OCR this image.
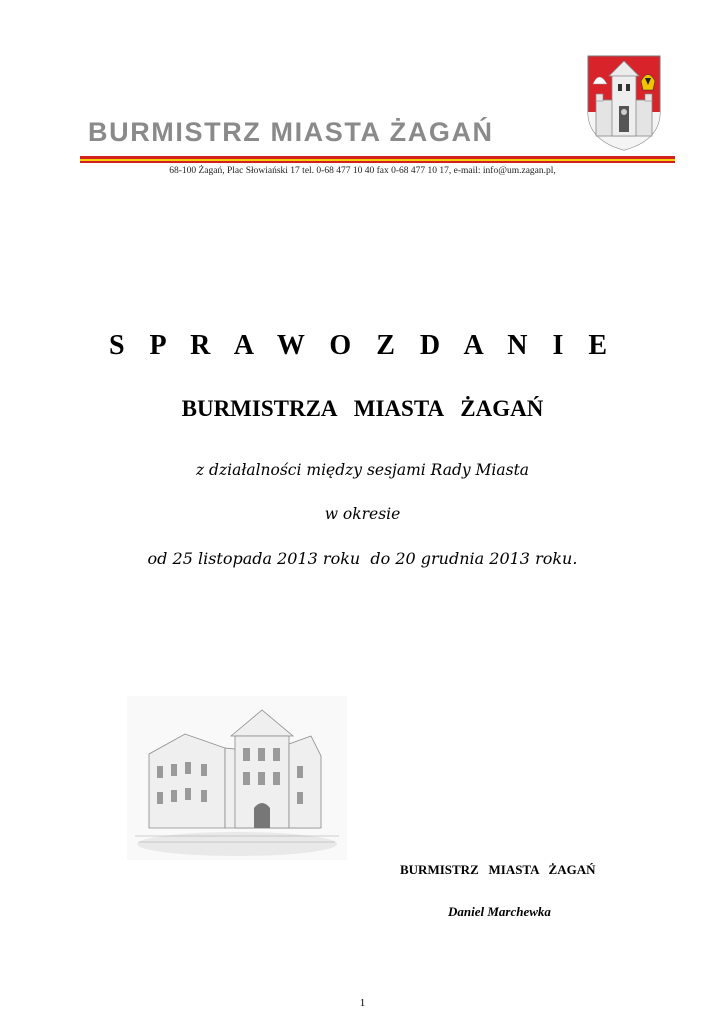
BURMISTRZ MIASTA ŻAGAŃ
68-100 Żagań, Plac Słowiański 17 tel. 0-68 477 10 40 fax 0-68 477 10 17, e-mail: info@um.zagan.pl,
S P R A W O Z D A N I E
BURMISTRZA  MIASTA  ŻAGAŃ
z działalności między sesjami Rady Miasta
w okresie
od 25 listopada 2013 roku  do 20 grudnia 2013 roku.
BURMISTRZ   MIASTA   ŻAGAŃ
Daniel Marchewka
1
